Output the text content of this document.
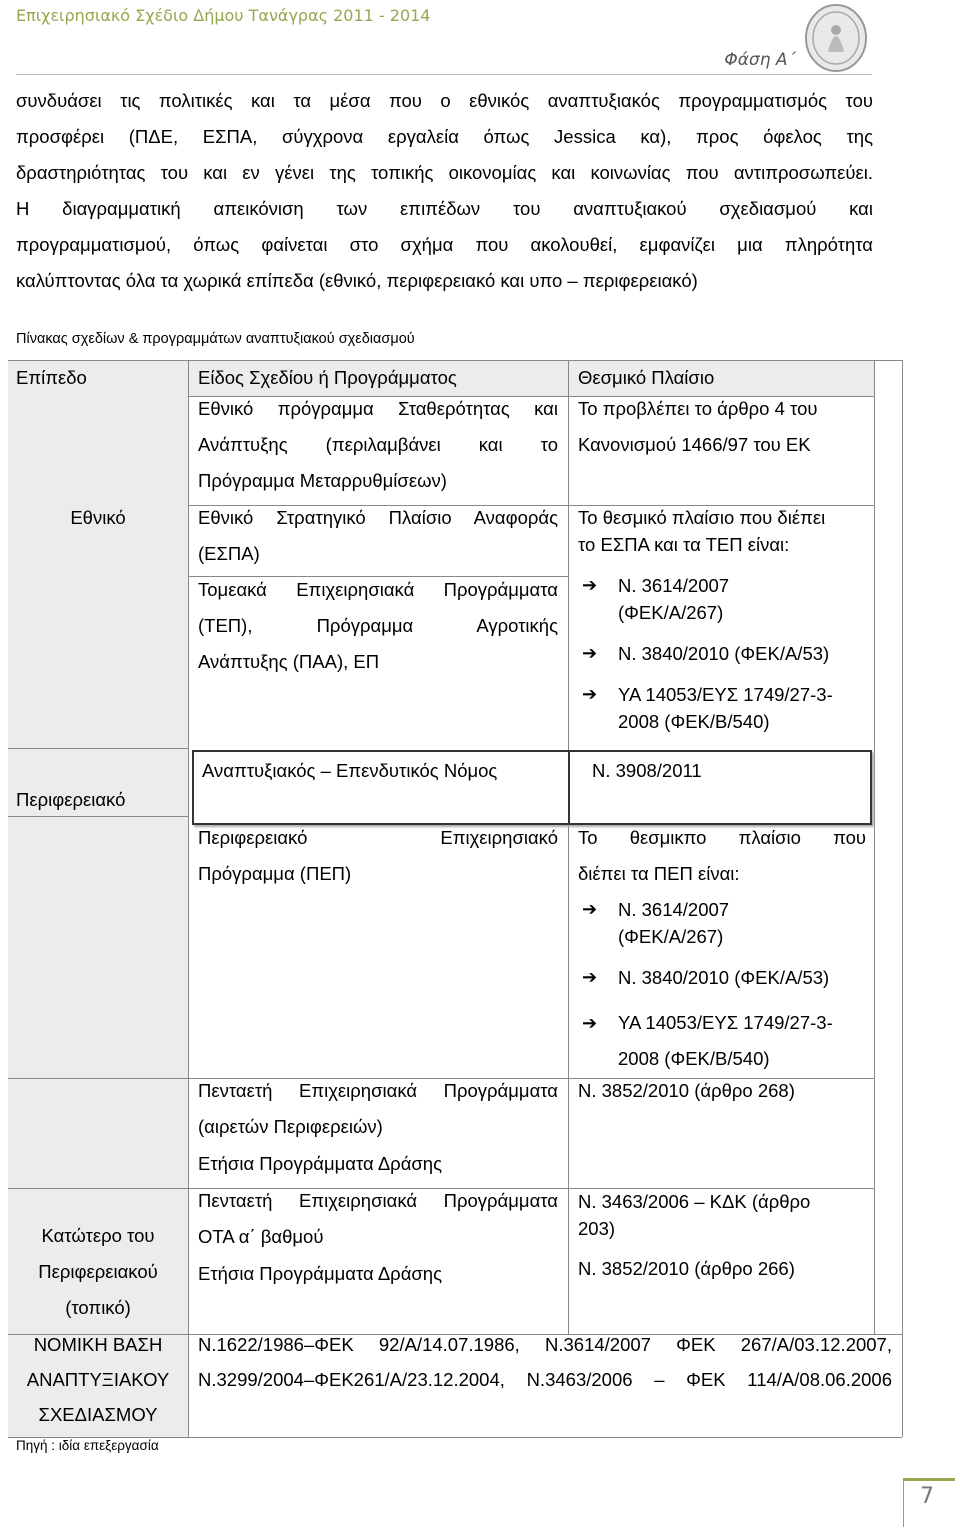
Επιχειρησιακό Σχέδιο Δήμου Τανάγρας 2011 - 2014
Φάση Α΄
συνδυάσει τις πολιτικές και τα μέσα που ο εθνικός αναπτυξιακός προγραμματισμός του
προσφέρει (ΠΔΕ, ΕΣΠΑ, σύγχρονα εργαλεία όπως Jessica κα), προς όφελος της
δραστηριότητας του και εν γένει της τοπικής οικονομίας και κοινωνίας που αντιπροσωπεύει.
Η διαγραμματική απεικόνιση των επιπέδων του αναπτυξιακού σχεδιασμού και
προγραμματισμού, όπως φαίνεται στο σχήμα που ακολουθεί, εμφανίζει μια πληρότητα
καλύπτοντας όλα τα χωρικά επίπεδα (εθνικό, περιφερειακό και υπο – περιφερειακό)
Πίνακας σχεδίων & προγραμμάτων αναπτυξιακού σχεδιασμού
Επίπεδο	Είδος Σχεδίου ή Προγράμματος	Θεσμικό Πλαίσιο
Εθνικό
Περιφερειακό
Κατώτερο του
Περιφερειακού
(τοπικό)
ΝΟΜΙΚΗ ΒΑΣΗ
ΑΝΑΠΤΥΞΙΑΚΟΥ
ΣΧΕΔΙΑΣΜΟΥ
Εθνικό πρόγραμμα Σταθερότητας και
Ανάπτυξης (περιλαμβάνει και το
Πρόγραμμα Μεταρρυθμίσεων)
Εθνικό Στρατηγικό Πλαίσιο Αναφοράς
(ΕΣΠΑ)
Τομεακά Επιχειρησιακά Προγράμματα
(ΤΕΠ), Πρόγραμμα Αγροτικής
Ανάπτυξης (ΠΑΑ), ΕΠ
Αναπτυξιακός – Επενδυτικός Νόμος
Περιφερειακό Επιχειρησιακό
Πρόγραμμα (ΠΕΠ)
Πενταετή Επιχειρησιακά Προγράμματα
(αιρετών Περιφερειών)
Ετήσια Προγράμματα Δράσης
Πενταετή Επιχειρησιακά Προγράμματα
ΟΤΑ α΄ βαθμού
Ετήσια Προγράμματα Δράσης
Το προβλέπει το άρθρο 4 του
Κανονισμού 1466/97 του ΕΚ
Το θεσμικό πλαίσιο που διέπει
το ΕΣΠΑ και τα ΤΕΠ είναι:
➔ Ν. 3614/2007
(ΦΕΚ/Α/267)
➔ Ν. 3840/2010 (ΦΕΚ/Α/53)
➔ ΥΑ 14053/ΕΥΣ 1749/27-3-
2008 (ΦΕΚ/Β/540)
Ν. 3908/2011
Το θεσμικπο πλαίσιο που
διέπει τα ΠΕΠ είναι:
➔ Ν. 3614/2007
(ΦΕΚ/Α/267)
➔ Ν. 3840/2010 (ΦΕΚ/Α/53)
➔ ΥΑ 14053/ΕΥΣ 1749/27-3-
2008 (ΦΕΚ/Β/540)
Ν. 3852/2010 (άρθρο 268)
Ν. 3463/2006 – ΚΔΚ (άρθρο
203)
Ν. 3852/2010 (άρθρο 266)
Ν.1622/1986–ΦΕΚ 92/Α/14.07.1986, Ν.3614/2007 ΦΕΚ 267/Α/03.12.2007,
Ν.3299/2004–ΦΕΚ261/Α/23.12.2004, Ν.3463/2006 – ΦΕΚ 114/Α/08.06.2006
Πηγή : ιδία επεξεργασία
7
